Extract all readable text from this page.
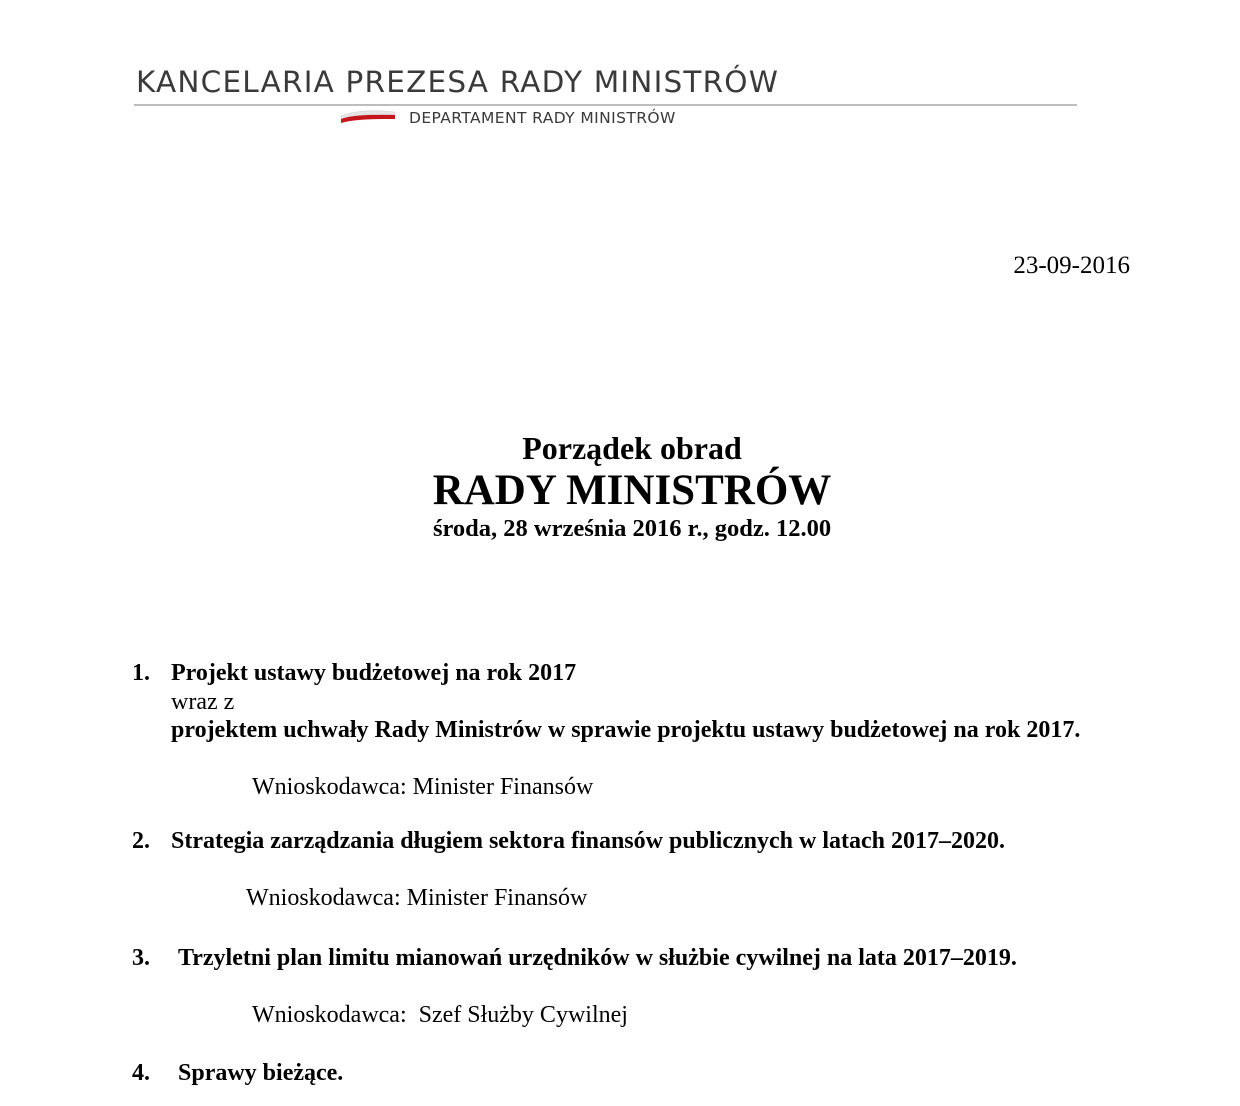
KANCELARIA PREZESA RADY MINISTRÓW
DEPARTAMENT RADY MINISTRÓW
23-09-2016
Porządek obrad
RADY MINISTRÓW
środa, 28 września 2016 r., godz. 12.00
1. Projekt ustawy budżetowej na rok 2017
wraz z
projektem uchwały Rady Ministrów w sprawie projektu ustawy budżetowej na rok 2017.
Wnioskodawca: Minister Finansów
2. Strategia zarządzania długiem sektora finansów publicznych w latach 2017–2020.
Wnioskodawca: Minister Finansów
3. Trzyletni plan limitu mianowań urzędników w służbie cywilnej na lata 2017–2019.
Wnioskodawca:  Szef Służby Cywilnej
4. Sprawy bieżące.
